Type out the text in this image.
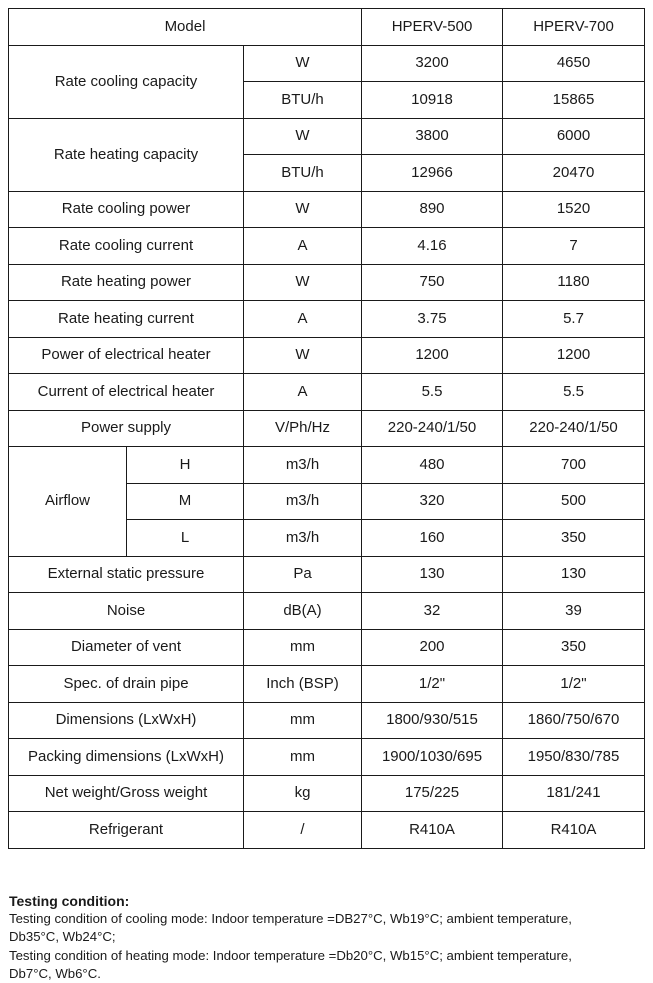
Model			HPERV-500	HPERV-700
Rate cooling capacity		W	3200	4650
		BTU/h	10918	15865
Rate heating capacity		W	3800	6000
		BTU/h	12966	20470
Rate cooling power		W	890	1520
Rate cooling current		A	4.16	7
Rate heating power		W	750	1180
Rate heating current		A	3.75	5.7
Power of electrical heater		W	1200	1200
Current of electrical heater		A	5.5	5.5
Power supply		V/Ph/Hz	220-240/1/50	220-240/1/50
Airflow	H	m3/h	480	700
	M	m3/h	320	500
	L	m3/h	160	350
External static pressure		Pa	130	130
Noise		dB(A)	32	39
Diameter of vent		mm	200	350
Spec. of drain pipe		Inch (BSP)	1/2"	1/2"
Dimensions (LxWxH)		mm	1800/930/515	1860/750/670
Packing dimensions (LxWxH)		mm	1900/1030/695	1950/830/785
Net weight/Gross weight		kg	175/225	181/241
Refrigerant		/	R410A	R410A
Testing condition:
Testing condition of cooling mode: Indoor temperature =DB27°C, Wb19°C; ambient temperature,
Db35°C, Wb24°C;
Testing condition of heating mode: Indoor temperature =Db20°C, Wb15°C; ambient temperature,
Db7°C, Wb6°C.
